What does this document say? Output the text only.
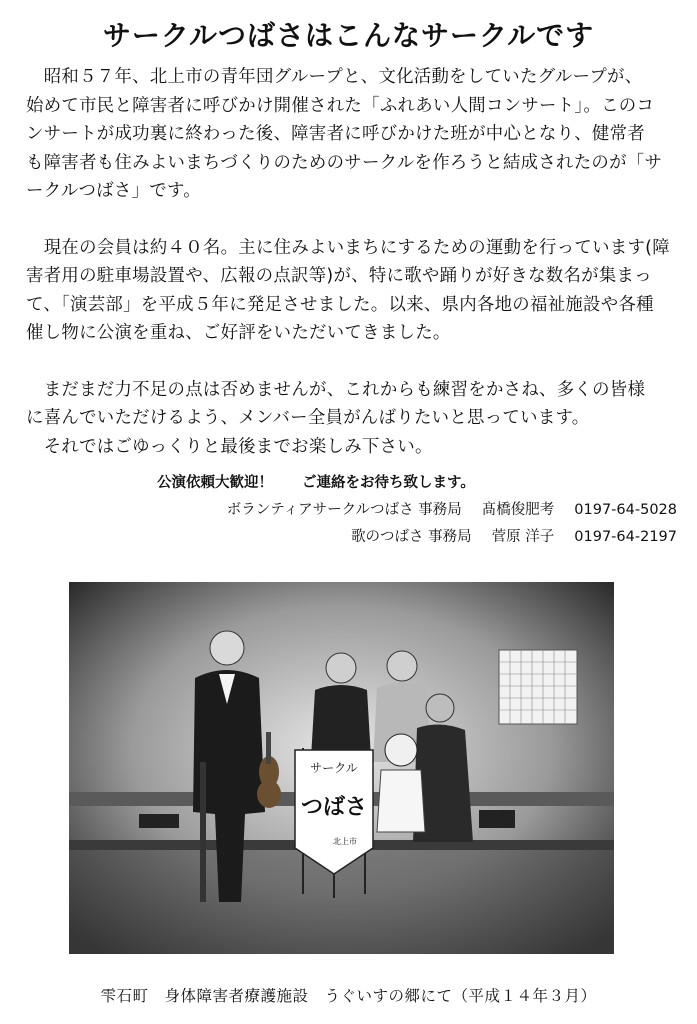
サークルつばさはこんなサークルです

　昭和５７年、北上市の青年団グループと、文化活動をしていたグループが、
始めて市民と障害者に呼びかけ開催された「ふれあい人間コンサート」。このコ
ンサートが成功裏に終わった後、障害者に呼びかけた班が中心となり、健常者
も障害者も住みよいまちづくりのためのサークルを作ろうと結成されたのが「サ
ークルつばさ」です。

　現在の会員は約４０名。主に住みよいまちにするための運動を行っています(障
害者用の駐車場設置や、広報の点訳等)が、特に歌や踊りが好きな数名が集まっ
て、「演芸部」を平成５年に発足させました。以来、県内各地の福祉施設や各種
催し物に公演を重ね、ご好評をいただいてきました。

　まだまだ力不足の点は否めませんが、これからも練習をかさね、多くの皆様
に喜んでいただけるよう、メンバー全員がんばりたいと思っています。
　それではごゆっくりと最後までお楽しみ下さい。

公演依頼大歓迎！　　ご連絡をお待ち致します。
ボランティアサークルつばさ 事務局 髙橋俊肥考 0197-64-5028
歌のつばさ 事務局 菅原 洋子 0197-64-2197
サークル
つばさ
北上市
雫石町　身体障害者療護施設　うぐいすの郷にて（平成１４年３月）
